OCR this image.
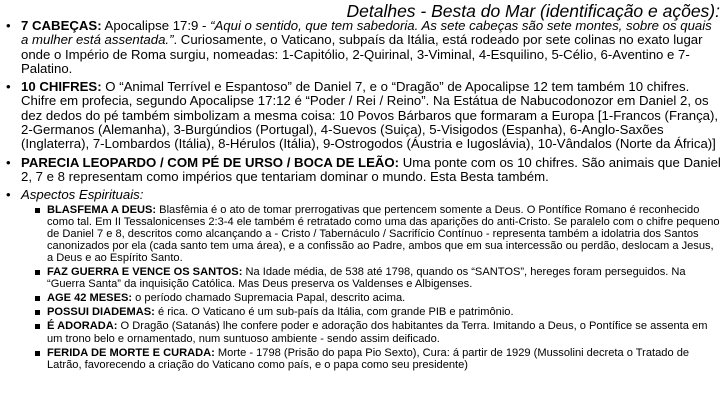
Detalhes - Besta do Mar (identificação e ações):
• 7 CABEÇAS: Apocalipse 17:9 - “Aqui o sentido, que tem sabedoria. As sete cabeças são sete montes, sobre os quais a mulher está assentada.”. Curiosamente, o Vaticano, subpaís da Itália, está rodeado por sete colinas no exato lugar onde o Império de Roma surgiu, nomeadas: 1-Capitólio, 2-Quirinal, 3-Viminal, 4-Esquilino, 5-Célio, 6-Aventino e 7-Palatino.
• 10 CHIFRES: O “Animal Terrível e Espantoso” de Daniel 7, e o “Dragão” de Apocalipse 12 tem também 10 chifres. Chifre em profecia, segundo Apocalipse 17:12 é “Poder / Rei / Reino”. Na Estátua de Nabucodonozor em Daniel 2, os dez dedos do pé também simbolizam a mesma coisa: 10 Povos Bárbaros que formaram a Europa [1-Francos (França), 2-Germanos (Alemanha), 3-Burgúndios (Portugal), 4-Suevos (Suiça), 5-Visigodos (Espanha), 6-Anglo-Saxões (Inglaterra), 7-Lombardos (Itália), 8-Hérulos (Itália), 9-Ostrogodos (Áustria e Iugoslávia), 10-Vândalos (Norte da África)]
• PARECIA LEOPARDO / COM PÉ DE URSO / BOCA DE LEÃO: Uma ponte com os 10 chifres. São animais que Daniel 2, 7 e 8 representam como impérios que tentariam dominar o mundo. Esta Besta também.
• Aspectos Espirituais:
BLASFEMA A DEUS: Blasfêmia é o ato de tomar prerrogativas que pertencem somente a Deus. O Pontífice Romano é reconhecido como tal. Em II Tessalonicenses 2:3-4 ele também é retratado como uma das aparições do anti-Cristo. Se paralelo com o chifre pequeno de Daniel 7 e 8, descritos como alcançando a - Cristo / Tabernáculo / Sacrifício Contínuo - representa também a idolatria dos Santos canonizados por ela (cada santo tem uma área), e a confissão ao Padre, ambos que em sua intercessão ou perdão, deslocam a Jesus, a Deus e ao Espírito Santo.
FAZ GUERRA E VENCE OS SANTOS: Na Idade média, de 538 até 1798, quando os “SANTOS”, hereges foram perseguidos. Na “Guerra Santa” da inquisição Católica. Mas Deus preserva os Valdenses e Albigenses.
AGE 42 MESES: o período chamado Supremacia Papal, descrito acima.
POSSUI DIADEMAS: é rica. O Vaticano é um sub-país da Itália, com grande PIB e patrimônio.
É ADORADA: O Dragão (Satanás) lhe confere poder e adoração dos habitantes da Terra. Imitando a Deus, o Pontífice se assenta em um trono belo e ornamentado, num suntuoso ambiente - sendo assim deificado.
FERIDA DE MORTE E CURADA: Morte - 1798 (Prisão do papa Pio Sexto), Cura: á partir de 1929 (Mussolini decreta o Tratado de Latrão, favorecendo a criação do Vaticano como país, e o papa como seu presidente)
